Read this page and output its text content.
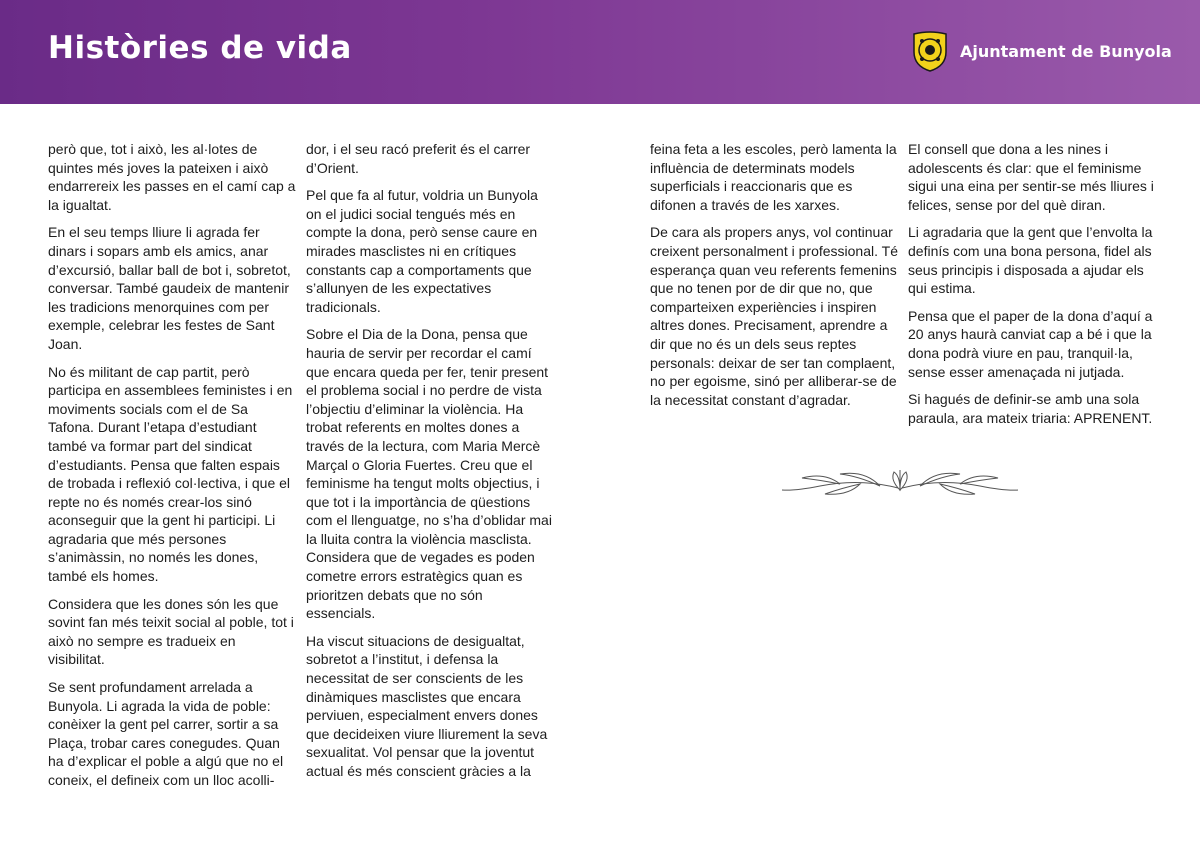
Històries de vida	Ajuntament de Bunyola

però que, tot i això, les al·lotes de quintes més joves la pateixen i això endarrereix les passes en el camí cap a la igualtat.

En el seu temps lliure li agrada fer dinars i sopars amb els amics, anar d’excursió, ballar ball de bot i, sobretot, conversar. També gaudeix de mantenir les tradicions menorquines com per exemple, celebrar les festes de Sant Joan.

No és militant de cap partit, però participa en assemblees feministes i en moviments socials com el de Sa Tafona. Durant l’etapa d’estudiant també va formar part del sindicat d’estudiants. Pensa que falten espais de trobada i reflexió col·lectiva, i que el repte no és només crear-los sinó aconseguir que la gent hi participi. Li agradaria que més persones s’animàssin, no només les dones, també els homes.

Considera que les dones són les que sovint fan més teixit social al poble, tot i això no sempre es tradueix en visibilitat.

Se sent profundament arrelada a Bunyola. Li agrada la vida de poble: conèixer la gent pel carrer, sortir a sa Plaça, trobar cares conegudes. Quan ha d’explicar el poble a algú que no el coneix, el defineix com un lloc acolli-

dor, i el seu racó preferit és el carrer d’Orient.

Pel que fa al futur, voldria un Bunyola on el judici social tengués més en compte la dona, però sense caure en mirades masclistes ni en crítiques constants cap a comportaments que s’allunyen de les expectatives tradicionals.

Sobre el Dia de la Dona, pensa que hauria de servir per recordar el camí que encara queda per fer, tenir present el problema social i no perdre de vista l’objectiu d’eliminar la violència. Ha trobat referents en moltes dones a través de la lectura, com Maria Mercè Marçal o Gloria Fuertes. Creu que el feminisme ha tengut molts objectius, i que tot i la importància de qüestions com el llenguatge, no s’ha d’oblidar mai la lluita contra la violència masclista. Considera que de vegades es poden cometre errors estratègics quan es prioritzen debats que no són essencials.

Ha viscut situacions de desigualtat, sobretot a l’institut, i defensa la necessitat de ser conscients de les dinàmiques masclistes que encara perviuen, especialment envers dones que decideixen viure lliurement la seva sexualitat. Vol pensar que la joventut actual és més conscient gràcies a la

feina feta a les escoles, però lamenta la influència de determinats models superficials i reaccionaris que es difonen a través de les xarxes.

De cara als propers anys, vol continuar creixent personalment i professional. Té esperança quan veu referents femenins que no tenen por de dir que no, que comparteixen experiències i inspiren altres dones. Precisament, aprendre a dir que no és un dels seus reptes personals: deixar de ser tan complaent, no per egoisme, sinó per alliberar-se de la necessitat constant d’agradar.

El consell que dona a les nines i adolescents és clar: que el feminisme sigui una eina per sentir-se més lliures i felices, sense por del què diran.

Li agradaria que la gent que l’envolta la definís com una bona persona, fidel als seus principis i disposada a ajudar els qui estima.

Pensa que el paper de la dona d’aquí a 20 anys haurà canviat cap a bé i que la dona podrà viure en pau, tranquil·la, sense esser amenaçada ni jutjada.

Si hagués de definir-se amb una sola paraula, ara mateix triaria: APRENENT.
